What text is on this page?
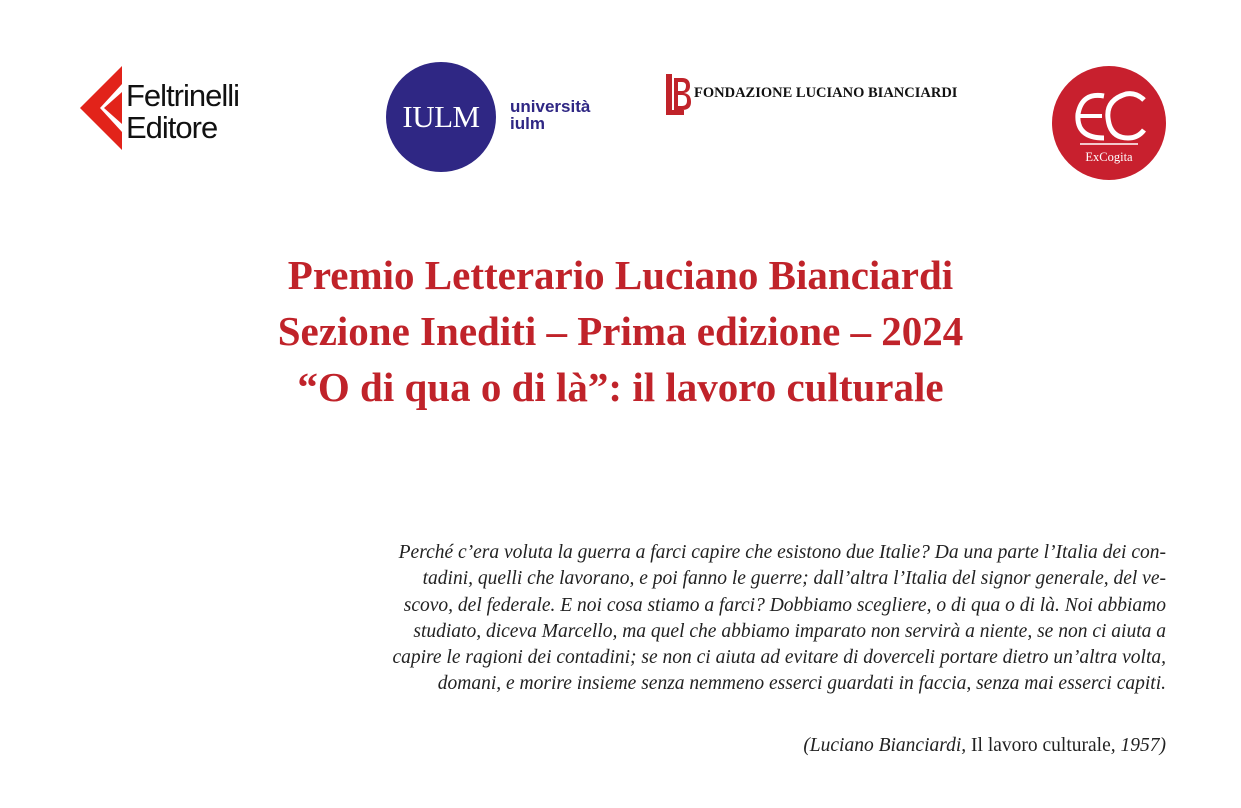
Feltrinelli
Editore	IULM	università
iulm
FONDAZIONE LUCIANO BIANCIARDI
ExCogita
Premio Letterario Luciano Bianciardi
Sezione Inediti – Prima edizione – 2024
“O di qua o di là”: il lavoro culturale
Perché c’era voluta la guerra a farci capire che esistono due Italie? Da una parte l’Italia dei con-
tadini, quelli che lavorano, e poi fanno le guerre; dall’altra l’Italia del signor generale, del ve-
scovo, del federale. E noi cosa stiamo a farci? Dobbiamo scegliere, o di qua o di là. Noi abbiamo
studiato, diceva Marcello, ma quel che abbiamo imparato non servirà a niente, se non ci aiuta a
capire le ragioni dei contadini; se non ci aiuta ad evitare di doverceli portare dietro un’altra volta,
domani, e morire insieme senza nemmeno esserci guardati in faccia, senza mai esserci capiti.
(Luciano Bianciardi, Il lavoro culturale, 1957)
